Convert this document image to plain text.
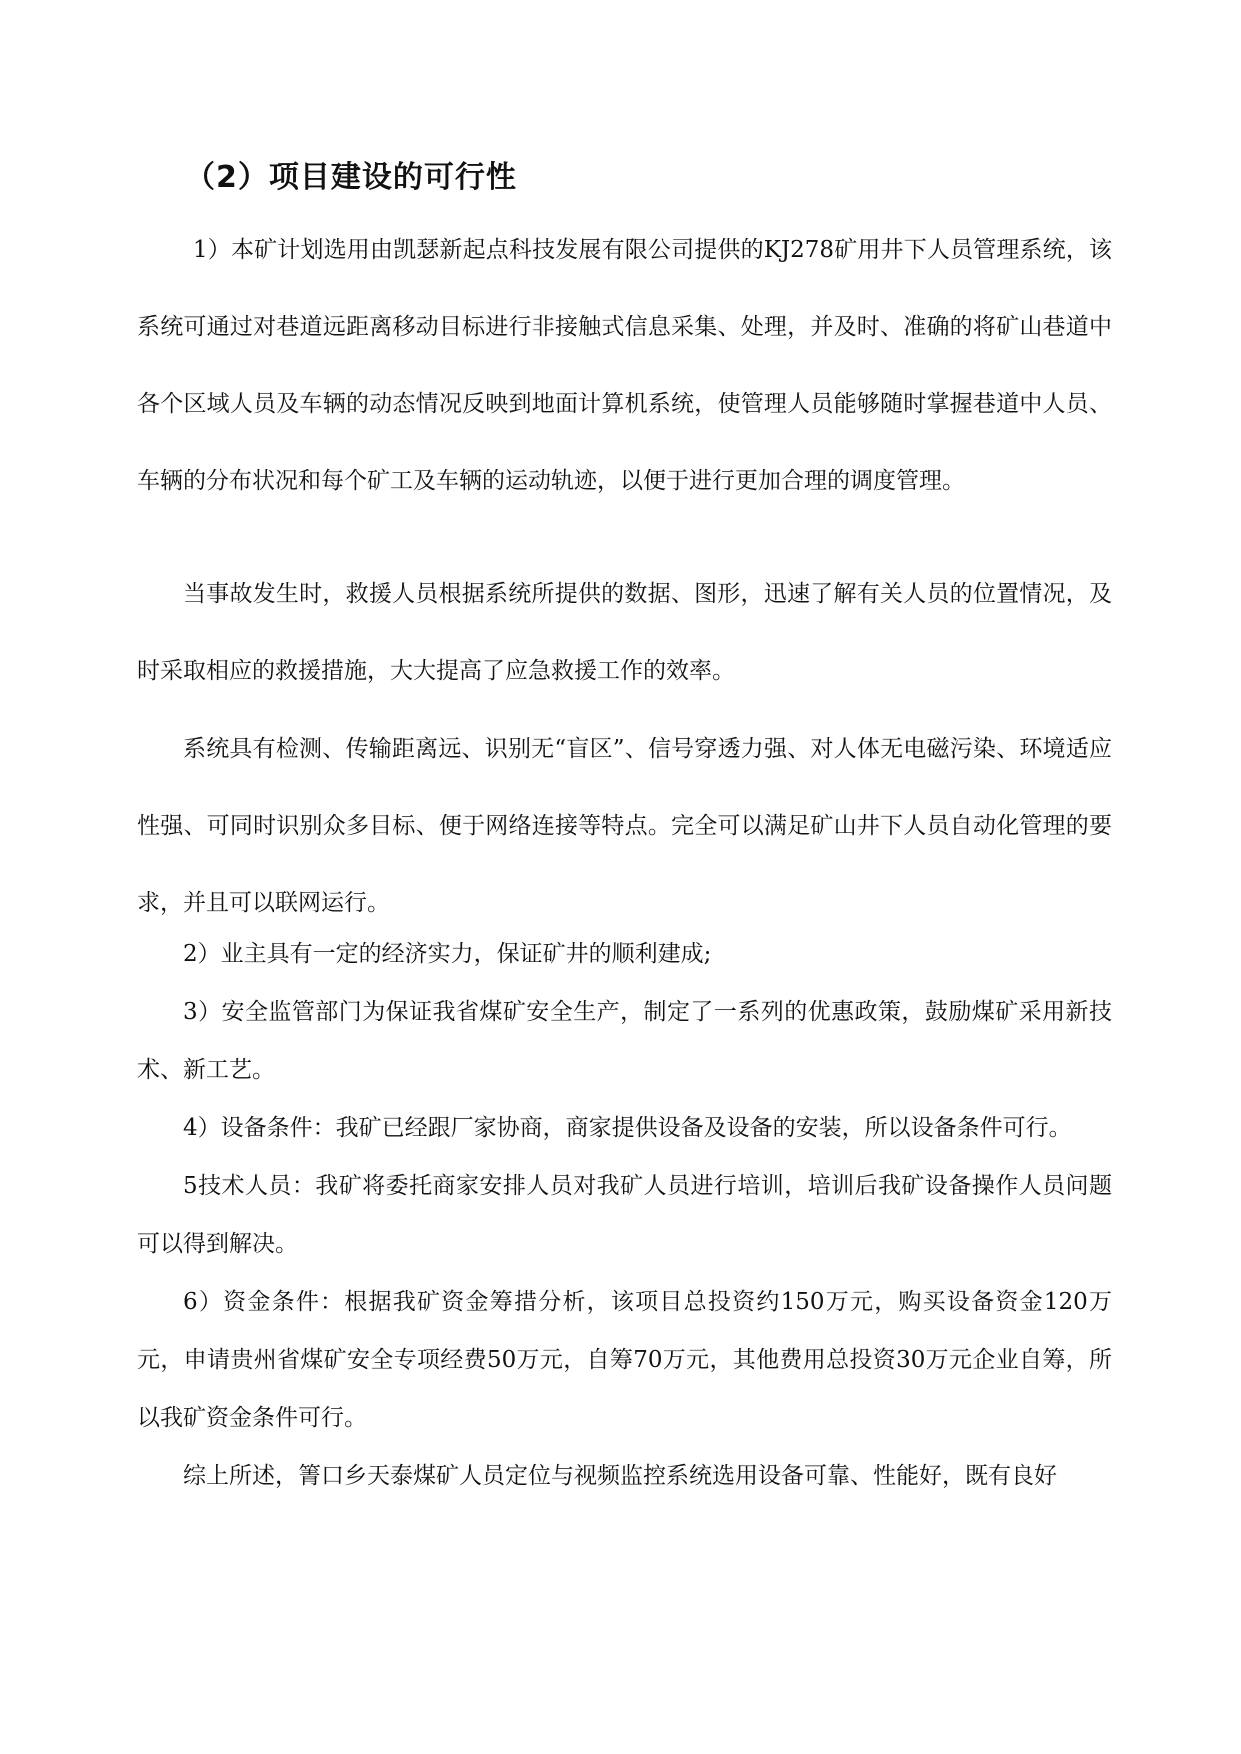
（2）项目建设的可行性

1）本矿计划选用由凯瑟新起点科技发展有限公司提供的KJ278矿用井下人员管理系统，该系统可通过对巷道远距离移动目标进行非接触式信息采集、处理，并及时、准确的将矿山巷道中各个区域人员及车辆的动态情况反映到地面计算机系统，使管理人员能够随时掌握巷道中人员、车辆的分布状况和每个矿工及车辆的运动轨迹，以便于进行更加合理的调度管理。

当事故发生时，救援人员根据系统所提供的数据、图形，迅速了解有关人员的位置情况，及时采取相应的救援措施，大大提高了应急救援工作的效率。

系统具有检测、传输距离远、识别无“盲区”、信号穿透力强、对人体无电磁污染、环境适应性强、可同时识别众多目标、便于网络连接等特点。完全可以满足矿山井下人员自动化管理的要求，并且可以联网运行。

2）业主具有一定的经济实力，保证矿井的顺利建成;

3）安全监管部门为保证我省煤矿安全生产，制定了一系列的优惠政策，鼓励煤矿采用新技术、新工艺。

4）设备条件：我矿已经跟厂家协商，商家提供设备及设备的安装，所以设备条件可行。

5技术人员：我矿将委托商家安排人员对我矿人员进行培训，培训后我矿设备操作人员问题可以得到解决。

6）资金条件：根据我矿资金筹措分析，该项目总投资约150万元，购买设备资金120万元，申请贵州省煤矿安全专项经费50万元，自筹70万元，其他费用总投资30万元企业自筹，所以我矿资金条件可行。

综上所述，箐口乡天泰煤矿人员定位与视频监控系统选用设备可靠、性能好，既有良好
